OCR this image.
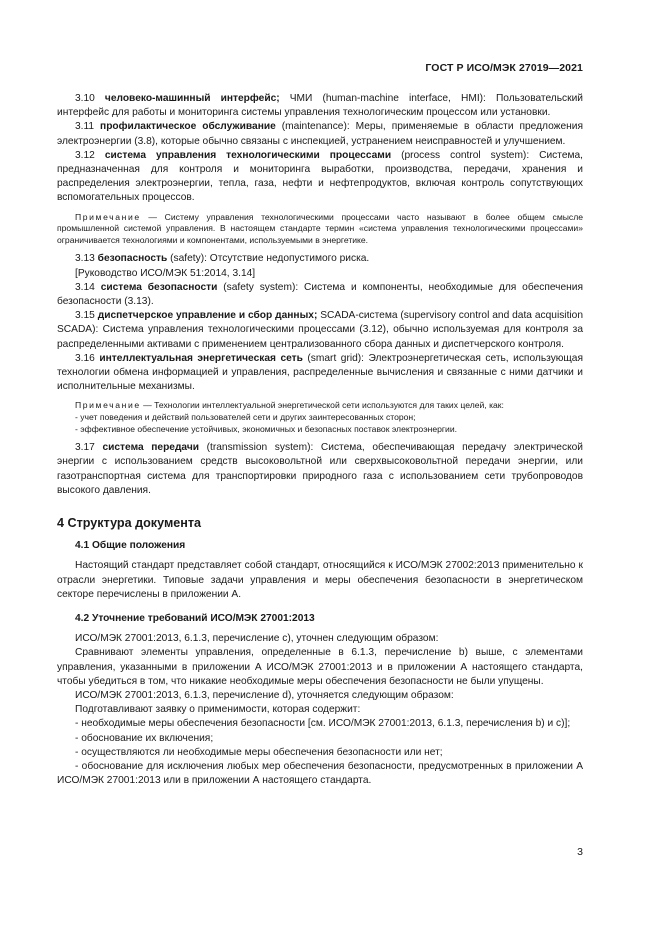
ГОСТ Р ИСО/МЭК 27019—2021

3.10 человеко-машинный интерфейс; ЧМИ (human-machine interface, HMI): Пользовательский интерфейс для работы и мониторинга системы управления технологическим процессом или установки.

3.11 профилактическое обслуживание (maintenance): Меры, применяемые в области предложения электроэнергии (3.8), которые обычно связаны с инспекцией, устранением неисправностей и улучшением.

3.12 система управления технологическими процессами (process control system): Система, предназначенная для контроля и мониторинга выработки, производства, передачи, хранения и распределения электроэнергии, тепла, газа, нефти и нефтепродуктов, включая контроль сопутствующих вспомогательных процессов.

Примечание — Систему управления технологическими процессами часто называют в более общем смысле промышленной системой управления. В настоящем стандарте термин «система управления технологическими процессами» ограничивается технологиями и компонентами, используемыми в энергетике.

3.13 безопасность (safety): Отсутствие недопустимого риска.

[Руководство ИСО/МЭК 51:2014, 3.14]

3.14 система безопасности (safety system): Система и компоненты, необходимые для обеспечения безопасности (3.13).

3.15 диспетчерское управление и сбор данных; SCADA-система (supervisory control and data acquisition SCADA): Система управления технологическими процессами (3.12), обычно используемая для контроля за распределенными активами с применением централизованного сбора данных и диспетчерского контроля.

3.16 интеллектуальная энергетическая сеть (smart grid): Электроэнергетическая сеть, использующая технологии обмена информацией и управления, распределенные вычисления и связанные с ними датчики и исполнительные механизмы.

Примечание — Технологии интеллектуальной энергетической сети используются для таких целей, как:

- учет поведения и действий пользователей сети и других заинтересованных сторон;

- эффективное обеспечение устойчивых, экономичных и безопасных поставок электроэнергии.

3.17 система передачи (transmission system): Система, обеспечивающая передачу электрической энергии с использованием средств высоковольтной или сверхвысоковольтной передачи энергии, или газотранспортная система для транспортировки природного газа с использованием сети трубопроводов высокого давления.

4 Структура документа
4.1 Общие положения

Настоящий стандарт представляет собой стандарт, относящийся к ИСО/МЭК 27002:2013 применительно к отрасли энергетики. Типовые задачи управления и меры обеспечения безопасности в энергетическом секторе перечислены в приложении А.

4.2 Уточнение требований ИСО/МЭК 27001:2013

ИСО/МЭК 27001:2013, 6.1.3, перечисление с), уточнен следующим образом:

Сравнивают элементы управления, определенные в 6.1.3, перечисление b) выше, с элементами управления, указанными в приложении А ИСО/МЭК 27001:2013 и в приложении А настоящего стандарта, чтобы убедиться в том, что никакие необходимые меры обеспечения безопасности не были упущены.

ИСО/МЭК 27001:2013, 6.1.3, перечисление d), уточняется следующим образом:

Подготавливают заявку о применимости, которая содержит:

- необходимые меры обеспечения безопасности [см. ИСО/МЭК 27001:2013, 6.1.3, перечисления b) и c)];

- обоснование их включения;

- осуществляются ли необходимые меры обеспечения безопасности или нет;

- обоснование для исключения любых мер обеспечения безопасности, предусмотренных в приложении А ИСО/МЭК 27001:2013 или в приложении А настоящего стандарта.

3
